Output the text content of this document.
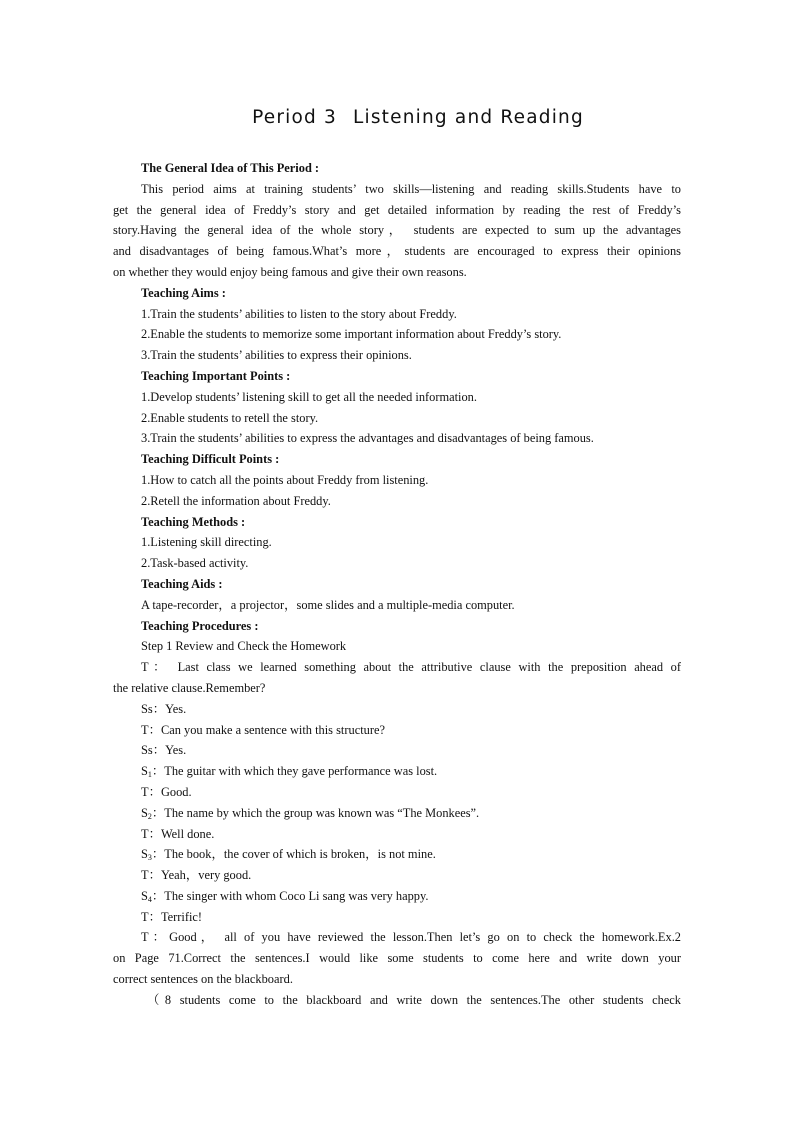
Period 3 Listening and Reading
The General Idea of This Period :
This period aims at training students’ two skills—listening and reading skills.Students have to
get the general idea of Freddy’s story and get detailed information by reading the rest of Freddy’s
story.Having the general idea of the whole story， students are expected to sum up the advantages
and disadvantages of being famous.What’s more，students are encouraged to express their opinions
on whether they would enjoy being famous and give their own reasons.
Teaching Aims :
1.Train the students’ abilities to listen to the story about Freddy.
2.Enable the students to memorize some important information about Freddy’s story.
3.Train the students’ abilities to express their opinions.
Teaching Important Points :
1.Develop students’ listening skill to get all the needed information.
2.Enable students to retell the story.
3.Train the students’ abilities to express the advantages and disadvantages of being famous.
Teaching Difficult Points :
1.How to catch all the points about Freddy from listening.
2.Retell the information about Freddy.
Teaching Methods :
1.Listening skill directing.
2.Task-based activity.
Teaching Aids :
A tape-recorder，a projector，some slides and a multiple-media computer.
Teaching Procedures :
Step 1 Review and Check the Homework
T： Last class we learned something about the attributive clause with the preposition ahead of
the relative clause.Remember?
Ss：Yes.
T：Can you make a sentence with this structure?
Ss：Yes.
$S_1$：The guitar with which they gave performance was lost.
T：Good.
$S_2$：The name by which the group was known was “The Monkees”.
T：Well done.
$S_3$：The book，the cover of which is broken，is not mine.
T：Yeah，very good.
$S_4$：The singer with whom Coco Li sang was very happy.
T：Terrific!
T：Good， all of you have reviewed the lesson.Then let’s go on to check the homework.Ex.2
on Page 71.Correct the sentences.I would like some students to come here and write down your
correct sentences on the blackboard.
（8 students come to the blackboard and write down the sentences.The other students check
